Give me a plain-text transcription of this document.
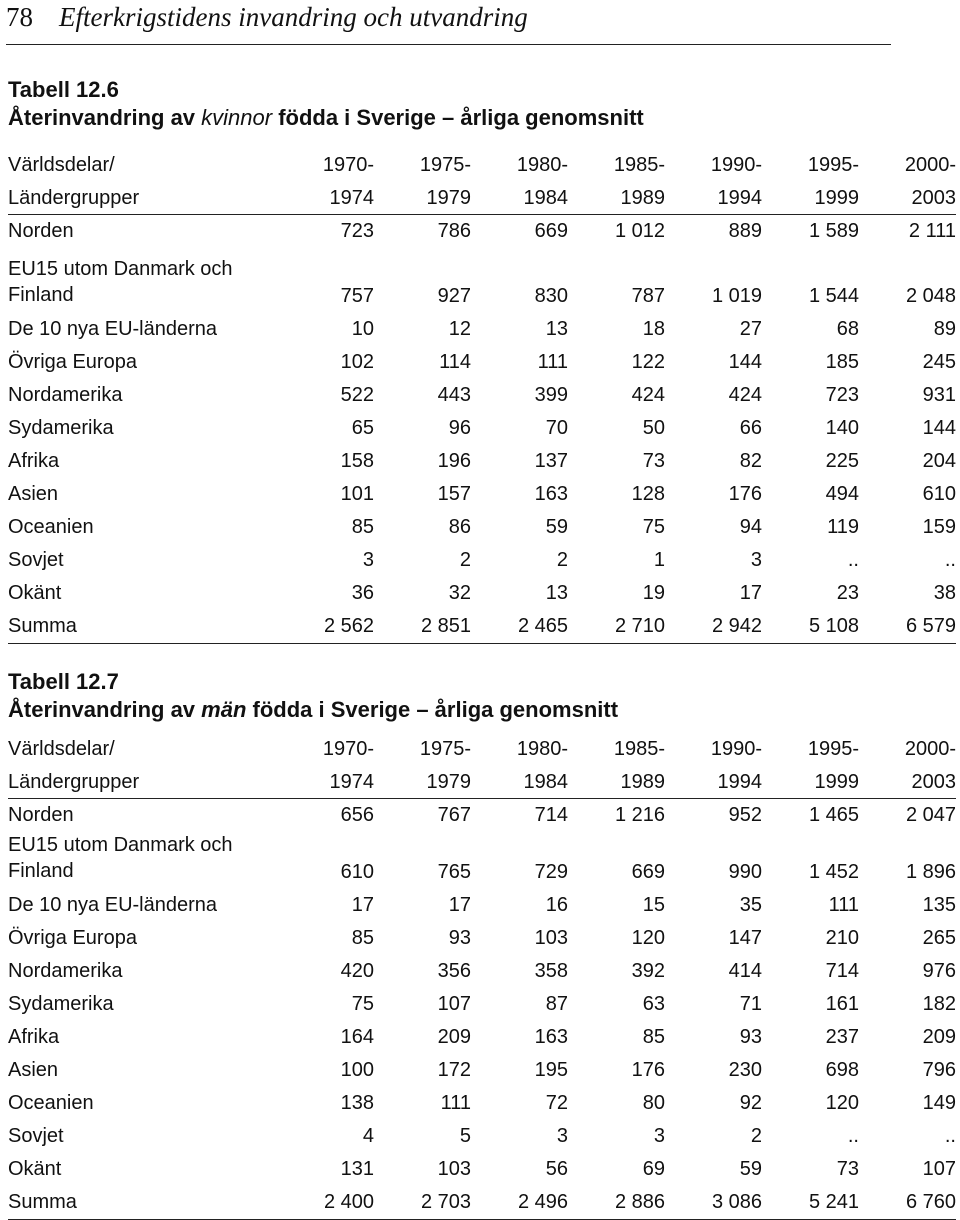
78 Efterkrigstidens invandring och utvandring
Tabell 12.6
Återinvandring av kvinnor födda i Sverige – årliga genomsnitt
Världsdelar/	1970-	1975-	1980-	1985-	1990-	1995-	2000-
Ländergrupper	1974	1979	1984	1989	1994	1999	2003
Norden	723	786	669	1 012	889	1 589	2 111
EU15 utom Danmark och Finland	757	927	830	787	1 019	1 544	2 048
De 10 nya EU-länderna	10	12	13	18	27	68	89
Övriga Europa	102	114	111	122	144	185	245
Nordamerika	522	443	399	424	424	723	931
Sydamerika	65	96	70	50	66	140	144
Afrika	158	196	137	73	82	225	204
Asien	101	157	163	128	176	494	610
Oceanien	85	86	59	75	94	119	159
Sovjet	3	2	2	1	3	..	..
Okänt	36	32	13	19	17	23	38
Summa	2 562	2 851	2 465	2 710	2 942	5 108	6 579
Tabell 12.7
Återinvandring av män födda i Sverige – årliga genomsnitt
Världsdelar/	1970-	1975-	1980-	1985-	1990-	1995-	2000-
Ländergrupper	1974	1979	1984	1989	1994	1999	2003
Norden	656	767	714	1 216	952	1 465	2 047
EU15 utom Danmark och Finland	610	765	729	669	990	1 452	1 896
De 10 nya EU-länderna	17	17	16	15	35	111	135
Övriga Europa	85	93	103	120	147	210	265
Nordamerika	420	356	358	392	414	714	976
Sydamerika	75	107	87	63	71	161	182
Afrika	164	209	163	85	93	237	209
Asien	100	172	195	176	230	698	796
Oceanien	138	111	72	80	92	120	149
Sovjet	4	5	3	3	2	..	..
Okänt	131	103	56	69	59	73	107
Summa	2 400	2 703	2 496	2 886	3 086	5 241	6 760
